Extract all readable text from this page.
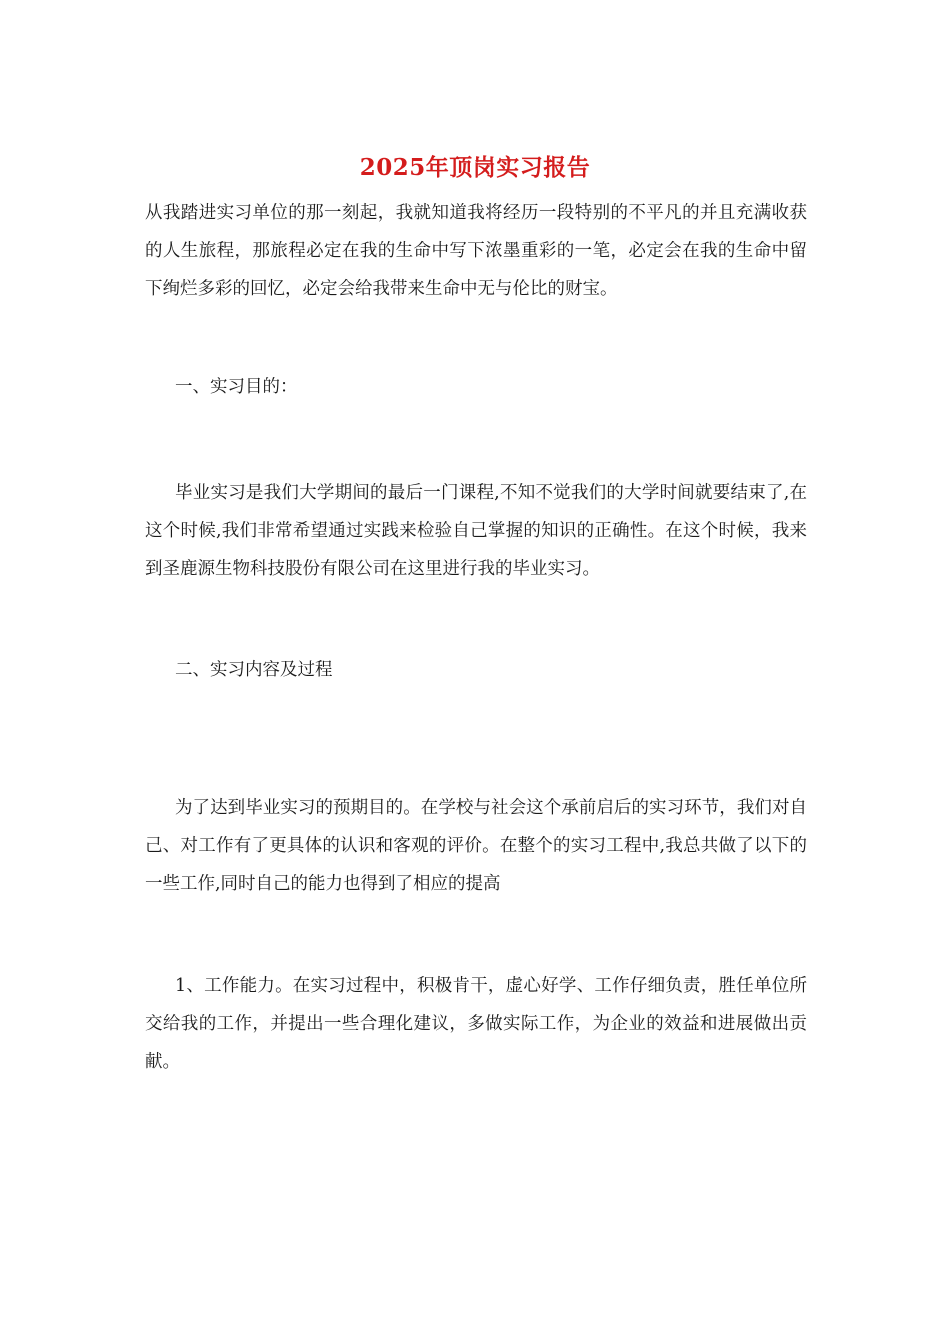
2025年顶岗实习报告
从我踏进实习单位的那一刻起，我就知道我将经历一段特别的不平凡的并且充满收获的人生旅程，那旅程必定在我的生命中写下浓墨重彩的一笔，必定会在我的生命中留下绚烂多彩的回忆，必定会给我带来生命中无与伦比的财宝。
一、实习目的：
毕业实习是我们大学期间的最后一门课程,不知不觉我们的大学时间就要结束了,在这个时候,我们非常希望通过实践来检验自己掌握的知识的正确性。在这个时候，我来到圣鹿源生物科技股份有限公司在这里进行我的毕业实习。
二、实习内容及过程
为了达到毕业实习的预期目的。在学校与社会这个承前启后的实习环节，我们对自己、对工作有了更具体的认识和客观的评价。在整个的实习工程中,我总共做了以下的一些工作,同时自己的能力也得到了相应的提高
1、工作能力。在实习过程中，积极肯干，虚心好学、工作仔细负责，胜任单位所交给我的工作，并提出一些合理化建议，多做实际工作，为企业的效益和进展做出贡献。
